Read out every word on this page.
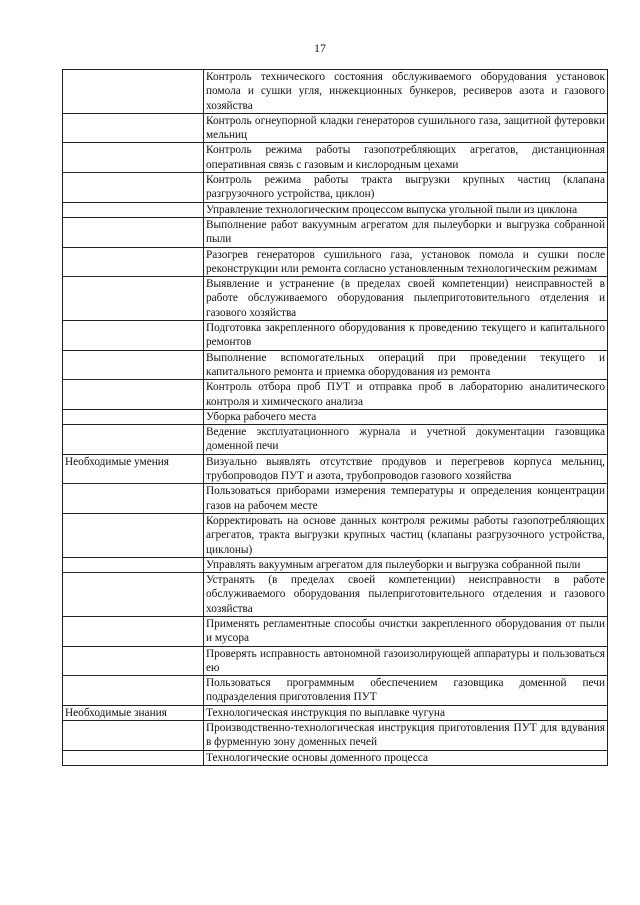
17
	Контроль технического состояния обслуживаемого оборудования установок помола и сушки угля, инжекционных бункеров, ресиверов азота и газового хозяйства
	Контроль огнеупорной кладки генераторов сушильного газа, защитной футеровки мельниц
	Контроль режима работы газопотребляющих агрегатов, дистанционная оперативная связь с газовым и кислородным цехами
	Контроль режима работы тракта выгрузки крупных частиц (клапана разгрузочного устройства, циклон)
	Управление технологическим процессом выпуска угольной пыли из циклона
	Выполнение работ вакуумным агрегатом для пылеуборки и выгрузка собранной пыли
	Разогрев генераторов сушильного газа, установок помола и сушки после реконструкции или ремонта согласно установленным технологическим режимам
	Выявление и устранение (в пределах своей компетенции) неисправностей в работе обслуживаемого оборудования пылеприготовительного отделения и газового хозяйства
	Подготовка закрепленного оборудования к проведению текущего и капитального ремонтов
	Выполнение вспомогательных операций при проведении текущего и капитального ремонта и приемка оборудования из ремонта
	Контроль отбора проб ПУТ и отправка проб в лабораторию аналитического контроля и химического анализа
	Уборка рабочего места
	Ведение эксплуатационного журнала и учетной документации газовщика доменной печи
Необходимые умения	Визуально выявлять отсутствие продувов и перегревов корпуса мельниц, трубопроводов ПУТ и азота, трубопроводов газового хозяйства
	Пользоваться приборами измерения температуры и определения концентрации газов на рабочем месте
	Корректировать на основе данных контроля режимы работы газопотребляющих агрегатов, тракта выгрузки крупных частиц (клапаны разгрузочного устройства, циклоны)
	Управлять вакуумным агрегатом для пылеуборки и выгрузка собранной пыли
	Устранять (в пределах своей компетенции) неисправности в работе обслуживаемого оборудования пылеприготовительного отделения и газового хозяйства
	Применять регламентные способы очистки закрепленного оборудования от пыли и мусора
	Проверять исправность автономной газоизолирующей аппаратуры и пользоваться ею
	Пользоваться программным обеспечением газовщика доменной печи подразделения приготовления ПУТ
Необходимые знания	Технологическая инструкция по выплавке чугуна
	Производственно-технологическая инструкция приготовления ПУТ для вдувания в фурменную зону доменных печей
	Технологические основы доменного процесса
